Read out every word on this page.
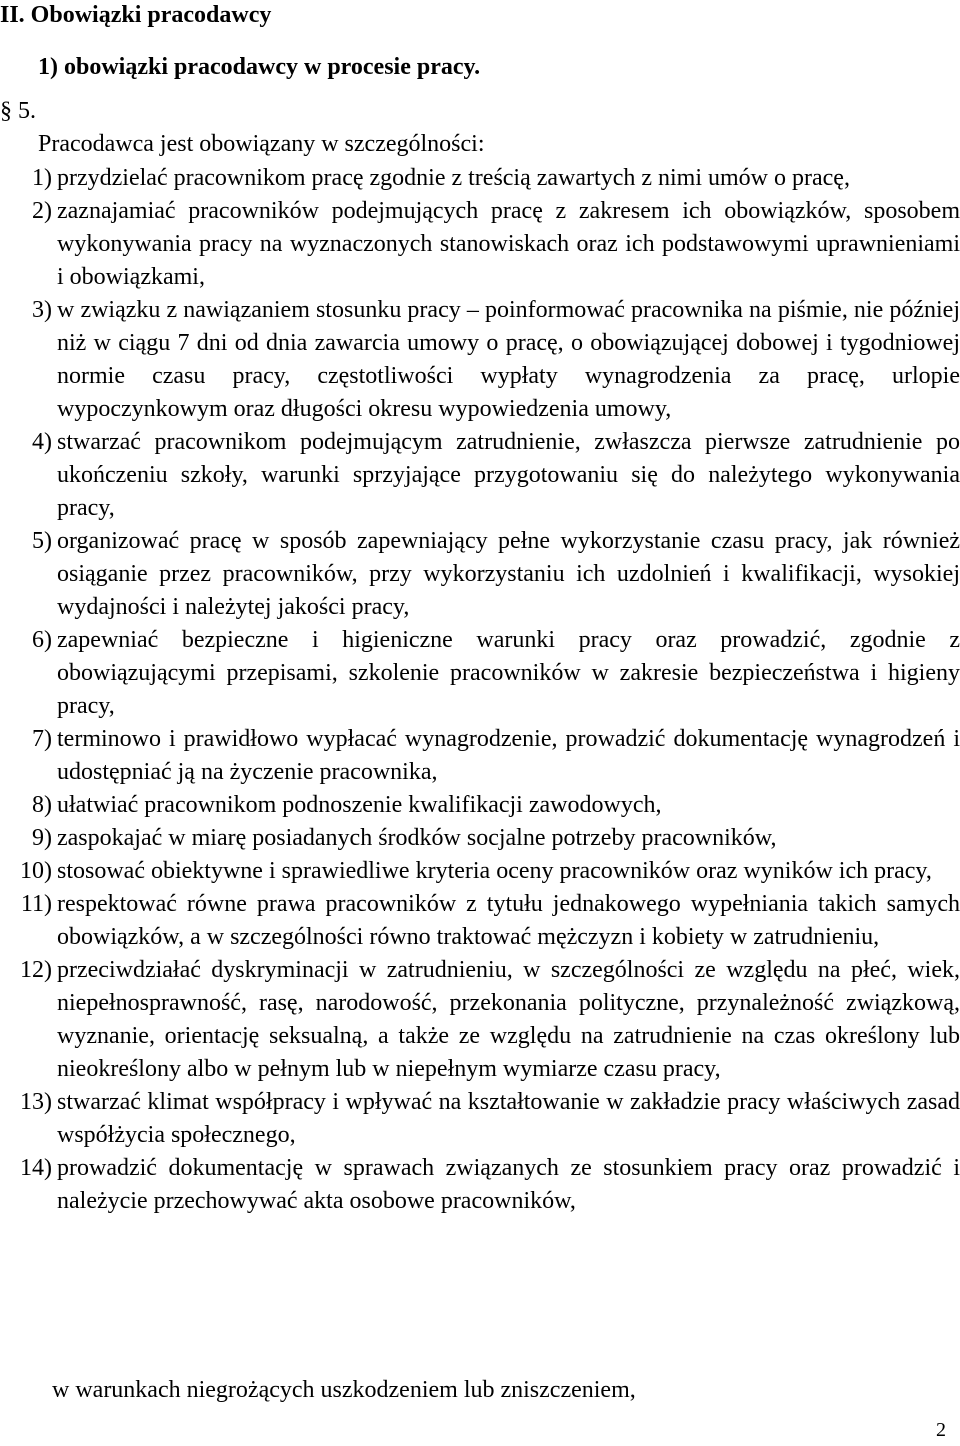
II. Obowiązki pracodawcy
1) obowiązki pracodawcy w procesie pracy.
§ 5.
Pracodawca jest obowiązany w szczególności:
1) przydzielać pracownikom pracę zgodnie z treścią zawartych z nimi umów o pracę,
2) zaznajamiać pracowników podejmujących pracę z zakresem ich obowiązków, sposobem wykonywania pracy na wyznaczonych stanowiskach oraz ich podstawowymi uprawnieniami i obowiązkami,
3) w związku z nawiązaniem stosunku pracy – poinformować pracownika na piśmie, nie później niż w ciągu 7 dni od dnia zawarcia umowy o pracę, o obowiązującej dobowej i tygodniowej normie czasu pracy, częstotliwości wypłaty wynagrodzenia za pracę, urlopie wypoczynkowym oraz długości okresu wypowiedzenia umowy,
4) stwarzać pracownikom podejmującym zatrudnienie, zwłaszcza pierwsze zatrudnienie po ukończeniu szkoły, warunki sprzyjające przygotowaniu się do należytego wykonywania pracy,
5) organizować pracę w sposób zapewniający pełne wykorzystanie czasu pracy, jak również osiąganie przez pracowników, przy wykorzystaniu ich uzdolnień i kwalifikacji, wysokiej wydajności i należytej jakości pracy,
6) zapewniać bezpieczne i higieniczne warunki pracy oraz prowadzić, zgodnie z obowiązującymi przepisami, szkolenie pracowników w zakresie bezpieczeństwa i higieny pracy,
7) terminowo i prawidłowo wypłacać wynagrodzenie, prowadzić dokumentację wynagrodzeń i udostępniać ją na życzenie pracownika,
8) ułatwiać pracownikom podnoszenie kwalifikacji zawodowych,
9) zaspokajać w miarę posiadanych środków socjalne potrzeby pracowników,
10) stosować obiektywne i sprawiedliwe kryteria oceny pracowników oraz wyników ich pracy,
11) respektować równe prawa pracowników z tytułu jednakowego wypełniania takich samych obowiązków, a w szczególności równo traktować mężczyzn i kobiety w zatrudnieniu,
12) przeciwdziałać dyskryminacji w zatrudnieniu, w szczególności ze względu na płeć, wiek, niepełnosprawność, rasę, narodowość, przekonania polityczne, przynależność związkową, wyznanie, orientację seksualną, a także ze względu na zatrudnienie na czas określony lub nieokreślony albo w pełnym lub w niepełnym wymiarze czasu pracy,
13) stwarzać klimat współpracy i wpływać na kształtowanie w zakładzie pracy właściwych zasad współżycia społecznego,
14) prowadzić dokumentację w sprawach związanych ze stosunkiem pracy oraz prowadzić i należycie przechowywać akta osobowe pracowników,
w warunkach niegrożących uszkodzeniem lub zniszczeniem,
2
